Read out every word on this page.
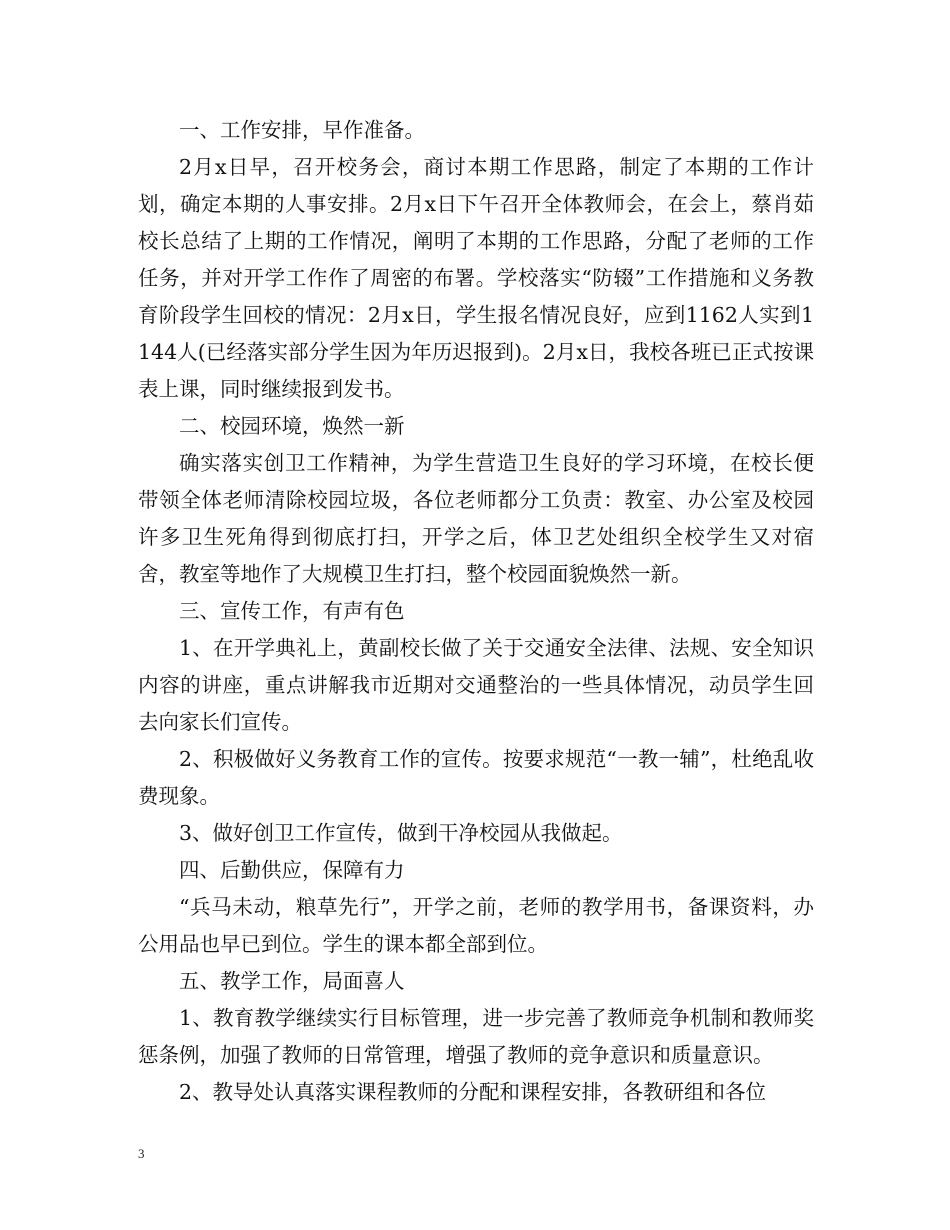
一、工作安排，早作准备。

2月x日早，召开校务会，商讨本期工作思路，制定了本期的工作计划，确定本期的人事安排。2月x日下午召开全体教师会，在会上，蔡肖茹校长总结了上期的工作情况，阐明了本期的工作思路，分配了老师的工作任务，并对开学工作作了周密的布署。学校落实“防辍”工作措施和义务教育阶段学生回校的情况：2月x日，学生报名情况良好，应到1162人实到1144人(已经落实部分学生因为年历迟报到)。2月x日，我校各班已正式按课表上课，同时继续报到发书。

二、校园环境，焕然一新

确实落实创卫工作精神，为学生营造卫生良好的学习环境，在校长便带领全体老师清除校园垃圾，各位老师都分工负责：教室、办公室及校园许多卫生死角得到彻底打扫，开学之后，体卫艺处组织全校学生又对宿舍，教室等地作了大规模卫生打扫，整个校园面貌焕然一新。

三、宣传工作，有声有色

1、在开学典礼上，黄副校长做了关于交通安全法律、法规、安全知识内容的讲座，重点讲解我市近期对交通整治的一些具体情况，动员学生回去向家长们宣传。

2、积极做好义务教育工作的宣传。按要求规范“一教一辅”，杜绝乱收费现象。

3、做好创卫工作宣传，做到干净校园从我做起。

四、后勤供应，保障有力

“兵马未动，粮草先行”，开学之前，老师的教学用书，备课资料，办公用品也早已到位。学生的课本都全部到位。

五、教学工作，局面喜人

1、教育教学继续实行目标管理，进一步完善了教师竞争机制和教师奖惩条例，加强了教师的日常管理，增强了教师的竞争意识和质量意识。

2、教导处认真落实课程教师的分配和课程安排，各教研组和各位

3
